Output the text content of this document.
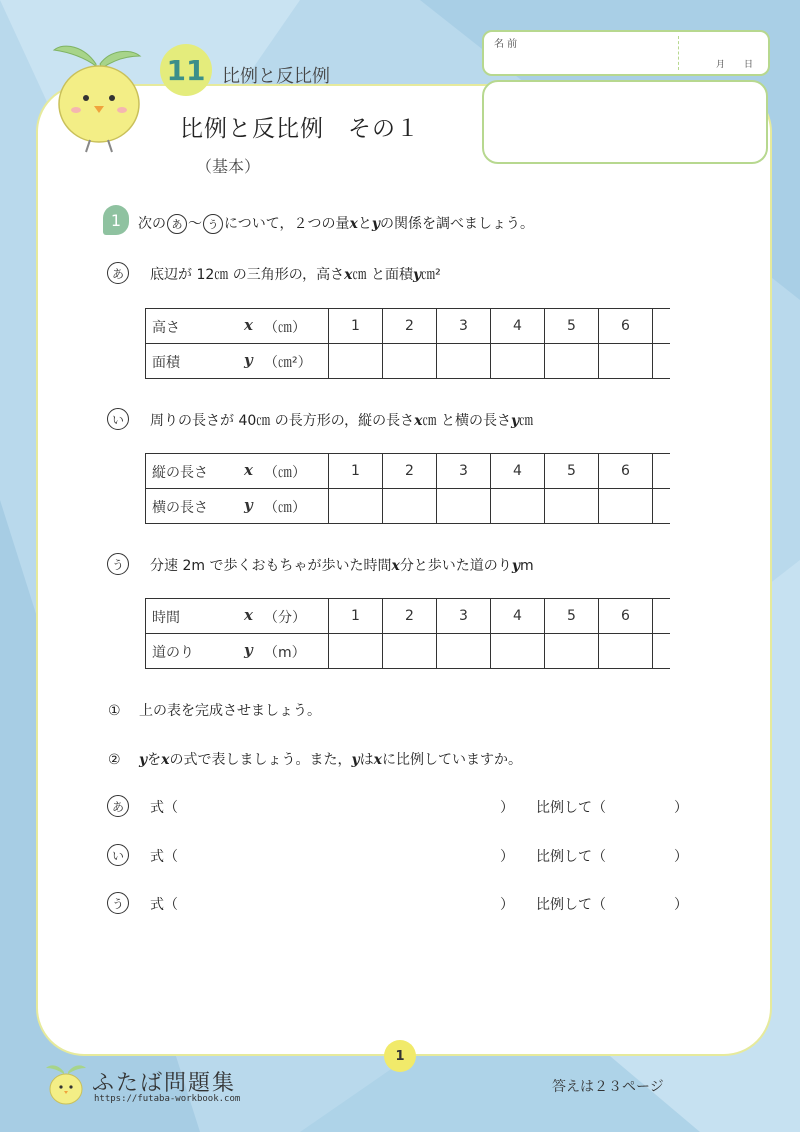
11 比例と反比例
比例と反比例　その１
（基本）
名 前
月 日
1	次の あ 〜 う について，２つの量xとyの関係を調べましょう。
あ	底辺が 12㎝ の三角形の，高さx㎝ と面積y㎝²
高さ x （㎝）	1	2	3	4	5	6	

面積 y （㎝²）							

い	周りの長さが 40㎝ の長方形の，縦の長さx㎝ と横の長さy㎝
縦の長さ x （㎝）	1	2	3	4	5	6	

横の長さ y （㎝）							

う	分速 2m で歩くおもちゃが歩いた時間x分と歩いた道のりym
時間 x （分）	1	2	3	4	5	6	

道のり y （m）							

① 上の表を完成させましょう。
② yをxの式で表しましょう。また，yはxに比例していますか。
あ	式（	） 比例して（	）
い	式（	） 比例して（	）
う	式（	） 比例して（	）
1
ふたば問題集
https://futaba-workbook.com
答えは２３ページ
